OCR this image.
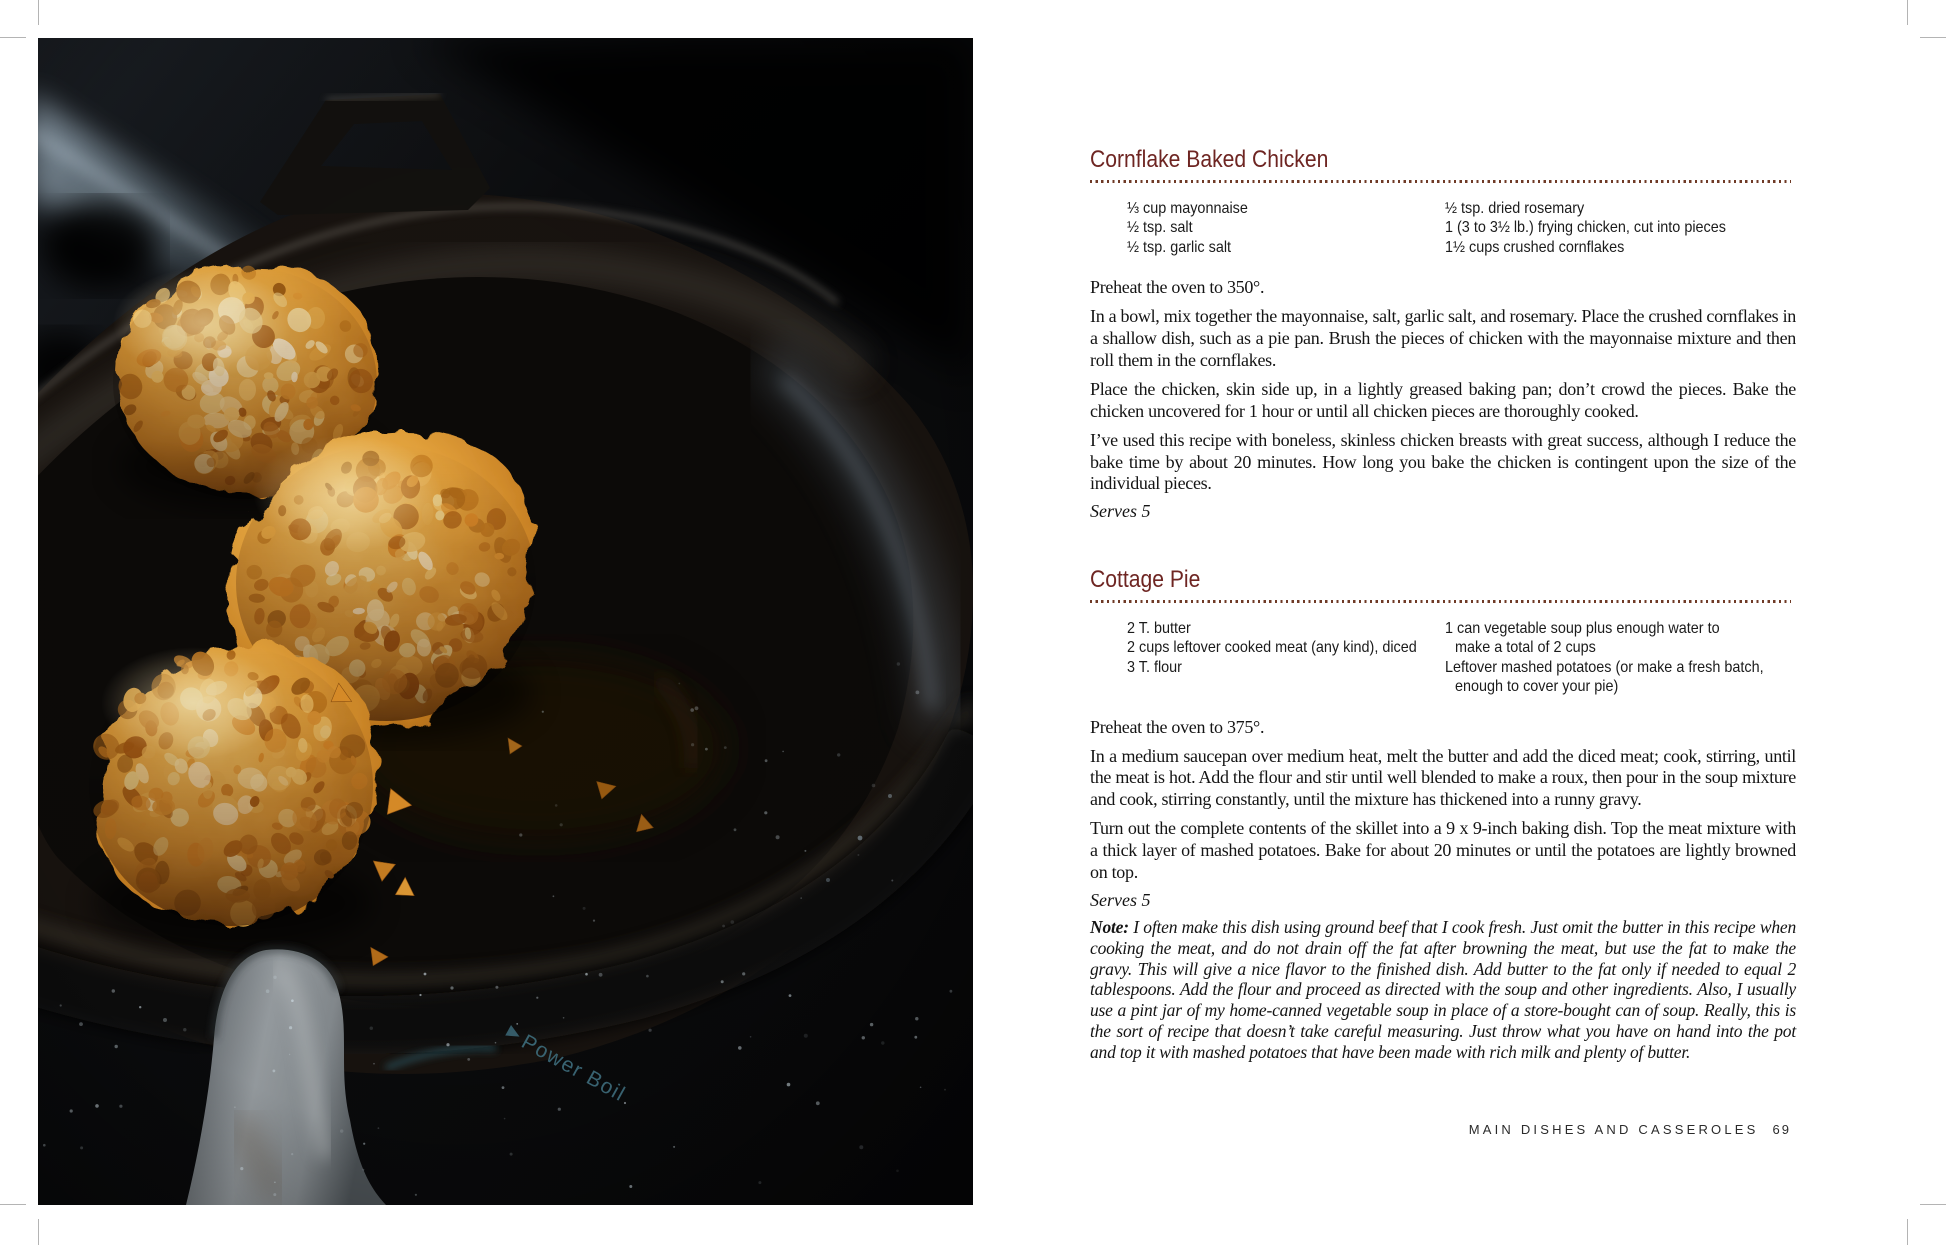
Cornflake Baked Chicken
⅓ cup mayonnaise
½ tsp. salt
½ tsp. garlic salt
½ tsp. dried rosemary
1 (3 to 3½ lb.) frying chicken, cut into pieces
1½ cups crushed cornflakes

Preheat the oven to 350°.

In a bowl, mix together the mayonnaise, salt, garlic salt, and rosemary. Place the crushed cornflakes in a shallow dish, such as a pie pan. Brush the pieces of chicken with the mayonnaise mixture and then roll them in the cornflakes.

Place the chicken, skin side up, in a lightly greased baking pan; don’t crowd the pieces. Bake the chicken uncovered for 1 hour or until all chicken pieces are thoroughly cooked.

I’ve used this recipe with boneless, skinless chicken breasts with great success, although I reduce the bake time by about 20 minutes. How long you bake the chicken is contingent upon the size of the individual pieces.

Serves 5

Cottage Pie
2 T. butter
2 cups leftover cooked meat (any kind), diced
3 T. flour
1 can vegetable soup plus enough water to
make a total of 2 cups
Leftover mashed potatoes (or make a fresh batch,
enough to cover your pie)

Preheat the oven to 375°.

In a medium saucepan over medium heat, melt the butter and add the diced meat; cook, stirring, until the meat is hot. Add the flour and stir until well blended to make a roux, then pour in the soup mixture and cook, stirring constantly, until the mixture has thickened into a runny gravy.

Turn out the complete contents of the skillet into a 9 x 9-inch baking dish. Top the meat mixture with a thick layer of mashed potatoes. Bake for about 20 minutes or until the potatoes are lightly browned on top.

Serves 5

Note: I often make this dish using ground beef that I cook fresh. Just omit the butter in this recipe when cooking the meat, and do not drain off the fat after browning the meat, but use the fat to make the gravy. This will give a nice flavor to the finished dish. Add butter to the fat only if needed to equal 2 tablespoons. Add the flour and proceed as directed with the soup and other ingredients. Also, I usually use a pint jar of my home-canned vegetable soup in place of a store-bought can of soup. Really, this is the sort of recipe that doesn’t take careful measuring. Just throw what you have on hand into the pot and top it with mashed potatoes that have been made with rich milk and plenty of butter.

MAIN DISHES AND CASSEROLES 69
